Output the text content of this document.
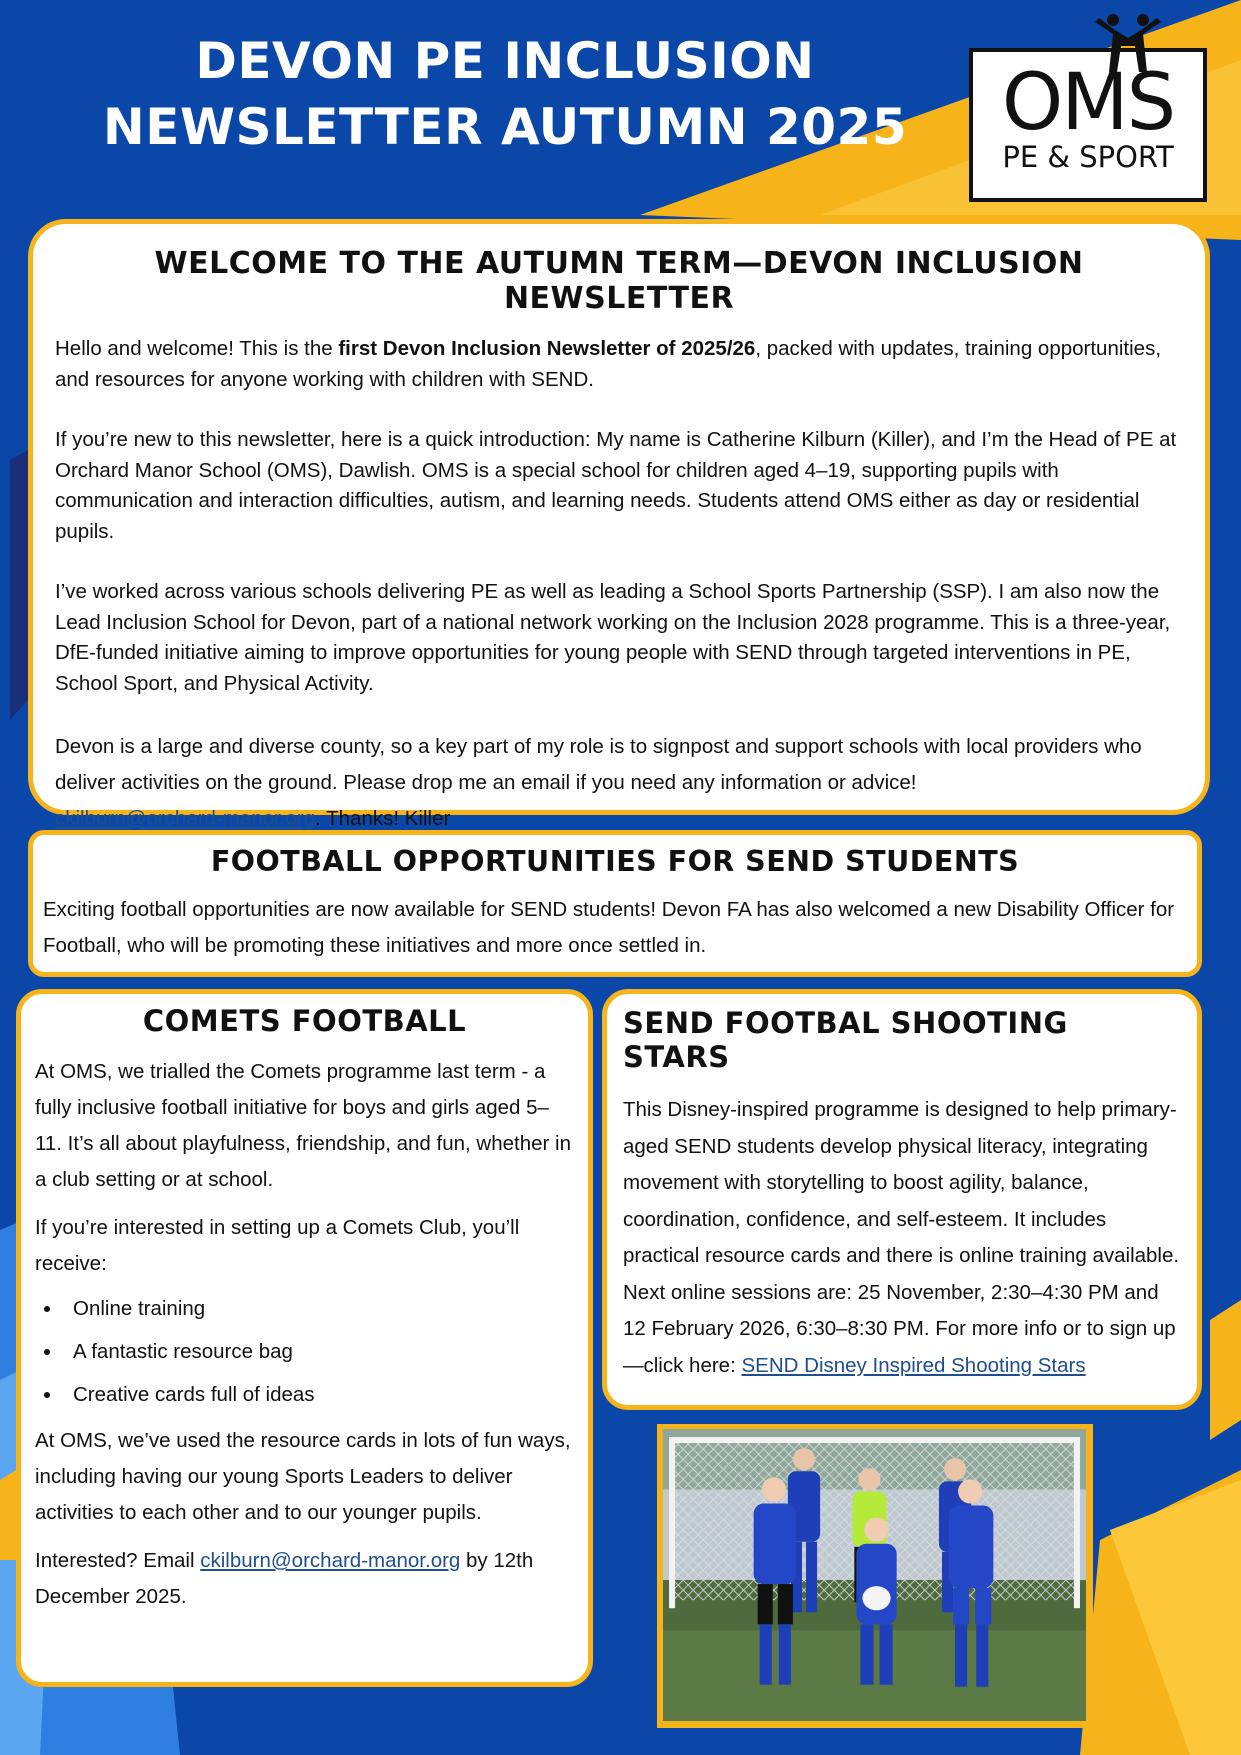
DEVON PE INCLUSION
NEWSLETTER AUTUMN 2025	OMS
PE & SPORT
WELCOME TO THE AUTUMN TERM—DEVON INCLUSION NEWSLETTER

Hello and welcome! This is the first Devon Inclusion Newsletter of 2025/26, packed with updates, training opportunities, and resources for anyone working with children with SEND.

If you’re new to this newsletter, here is a quick introduction: My name is Catherine Kilburn (Killer), and I’m the Head of PE at Orchard Manor School (OMS), Dawlish. OMS is a special school for children aged 4–19, supporting pupils with communication and interaction difficulties, autism, and learning needs. Students attend OMS either as day or residential pupils.

I’ve worked across various schools delivering PE as well as leading a School Sports Partnership (SSP). I am also now the Lead Inclusion School for Devon, part of a national network working on the Inclusion 2028 programme. This is a three-year, DfE-funded initiative aiming to improve opportunities for young people with SEND through targeted interventions in PE, School Sport, and Physical Activity.

Devon is a large and diverse county, so a key part of my role is to signpost and support schools with local providers who deliver activities on the ground. Please drop me an email if you need any information or advice!
ckilburn@orchard-manor.org. Thanks! Killer

FOOTBALL OPPORTUNITIES FOR SEND STUDENTS

Exciting football opportunities are now available for SEND students! Devon FA has also welcomed a new Disability Officer for Football, who will be promoting these initiatives and more once settled in.

COMETS FOOTBALL

At OMS, we trialled the Comets programme last term - a fully inclusive football initiative for boys and girls aged 5–11. It’s all about playfulness, friendship, and fun, whether in a club setting or at school.

If you’re interested in setting up a Comets Club, you’ll receive:

• Online training
• A fantastic resource bag
• Creative cards full of ideas

At OMS, we’ve used the resource cards in lots of fun ways, including having our young Sports Leaders to deliver activities to each other and to our younger pupils.

Interested? Email ckilburn@orchard-manor.org by 12th December 2025.

SEND FOOTBAL SHOOTING STARS

This Disney-inspired programme is designed to help primary-aged SEND students develop physical literacy, integrating movement with storytelling to boost agility, balance, coordination, confidence, and self-esteem. It includes practical resource cards and there is online training available. Next online sessions are: 25 November, 2:30–4:30 PM and 12 February 2026, 6:30–8:30 PM. For more info or to sign up—click here: SEND Disney Inspired Shooting Stars
